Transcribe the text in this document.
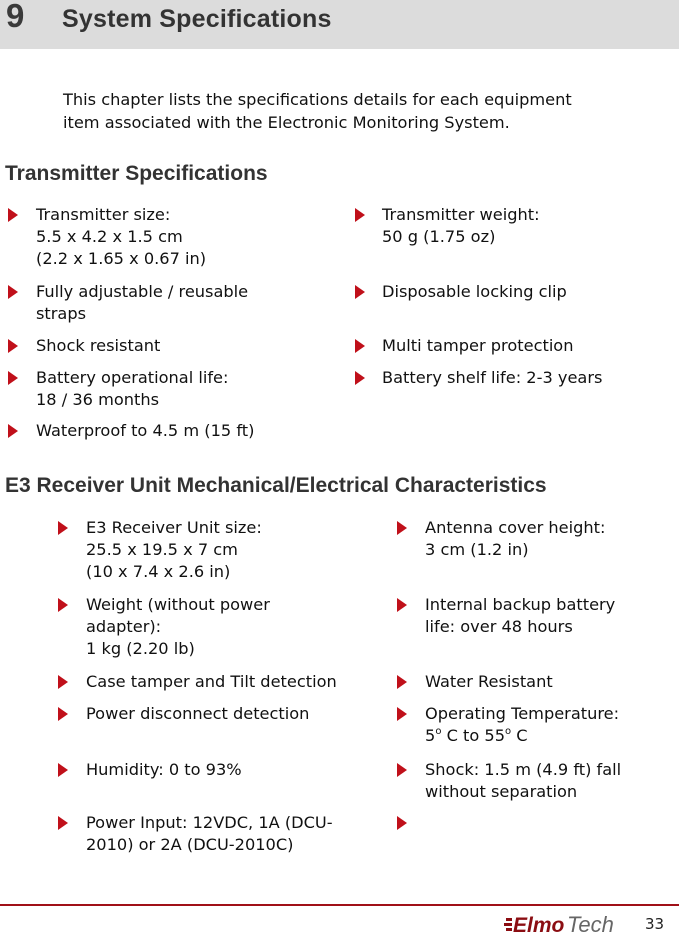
9 System Specifications
This chapter lists the specifications details for each equipment
item associated with the Electronic Monitoring System.
Transmitter Specifications
Transmitter size:
5.5 x 4.2 x 1.5 cm
(2.2 x 1.65 x 0.67 in)
Transmitter weight:
50 g (1.75 oz)
Fully adjustable / reusable
straps
Disposable locking clip
Shock resistant	Multi tamper protection
Battery operational life:
18 / 36 months
Battery shelf life: 2-3 years
Waterproof to 4.5 m (15 ft)
E3 Receiver Unit Mechanical/Electrical Characteristics
E3 Receiver Unit size:
25.5 x 19.5 x 7 cm
(10 x 7.4 x 2.6 in)
Antenna cover height:
3 cm (1.2 in)
Weight (without power
adapter):
1 kg (2.20 lb)
Internal backup battery
life: over 48 hours
Case tamper and Tilt detection	Water Resistant
Power disconnect detection	Operating Temperature:
5$^o$ C to 55$^o$ C
Humidity: 0 to 93%	Shock: 1.5 m (4.9 ft) fall
without separation
Power Input: 12VDC, 1A (DCU-
2010) or 2A (DCU-2010C)
Elmo Tech 33
